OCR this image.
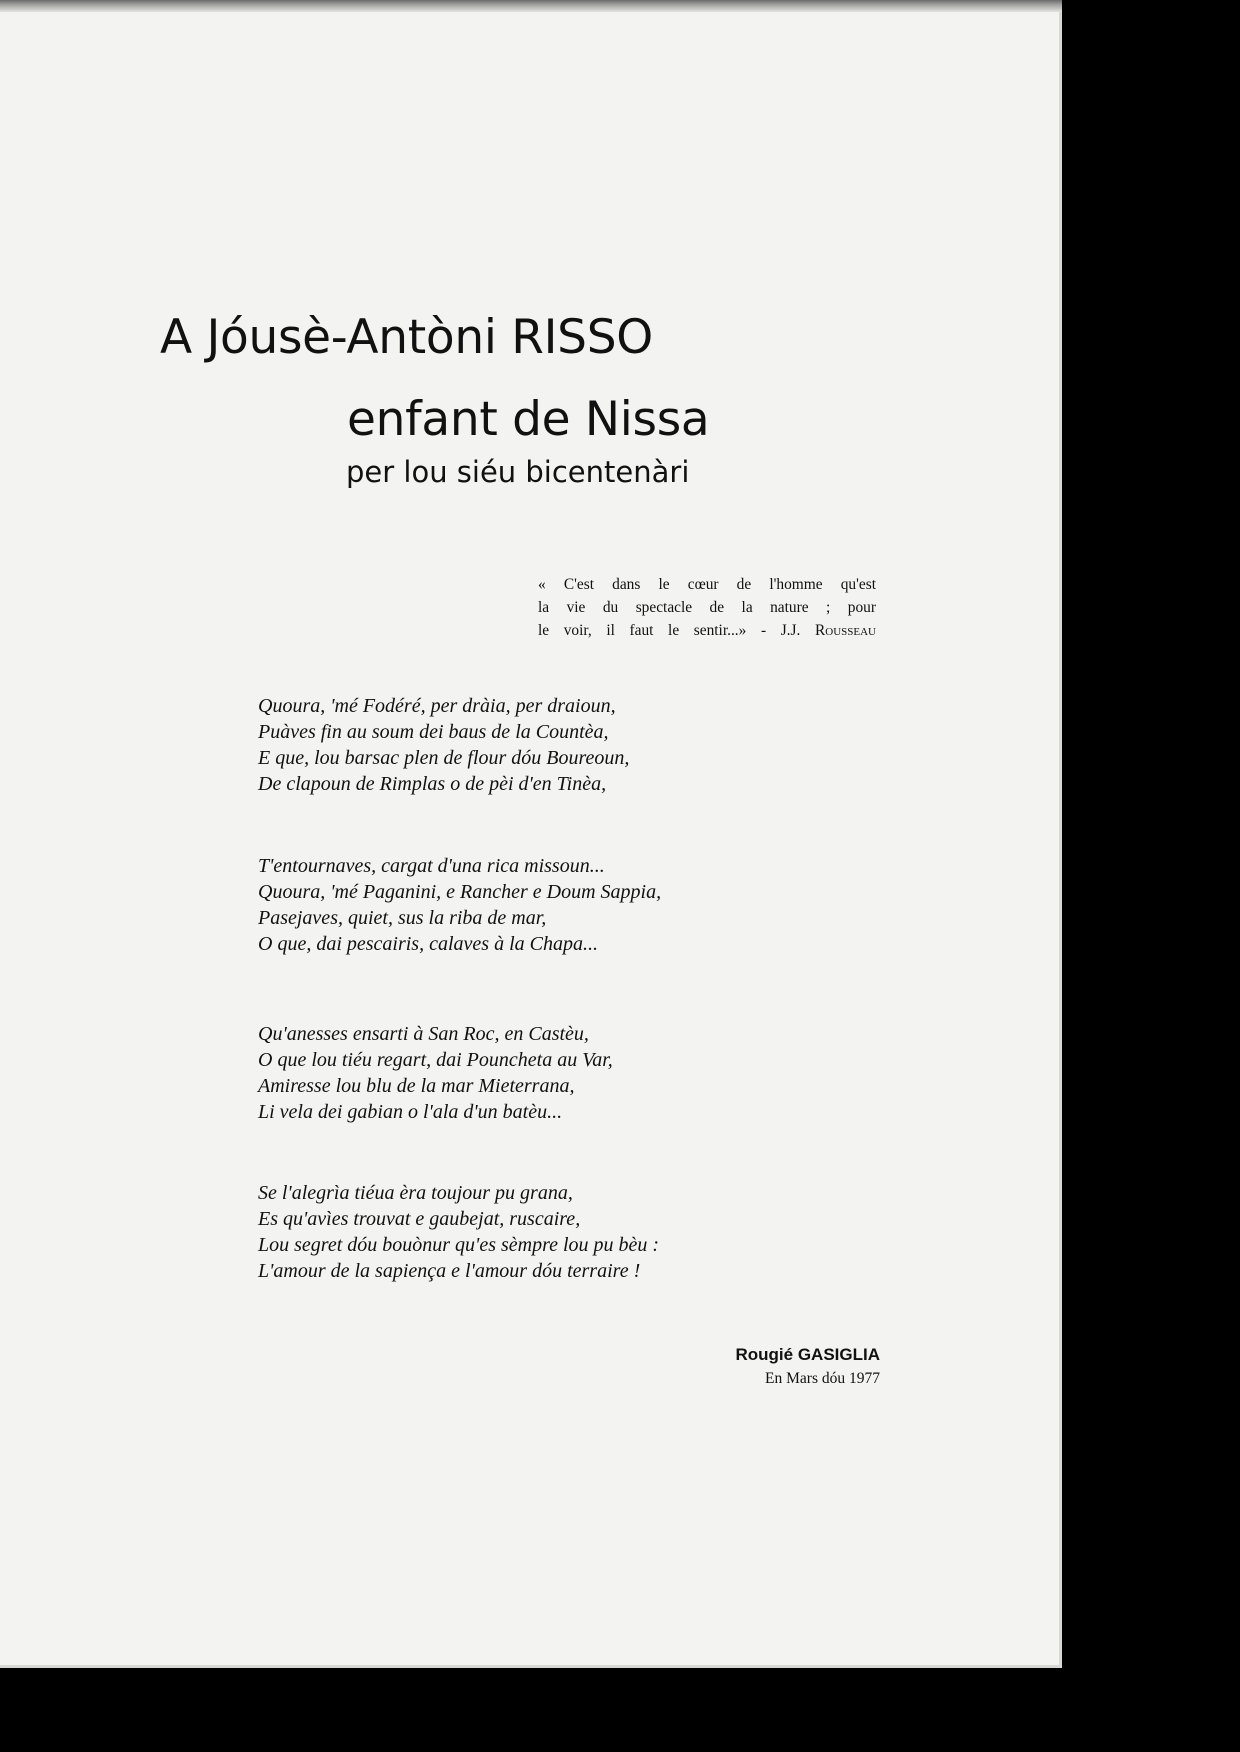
A Jóusè-Antòni RISSO
enfant de Nissa
per lou siéu bicentenàri
« C'est dans le cœur de l'homme qu'est
la vie du spectacle de la nature ; pour
le voir, il faut le sentir...» - J.J. Rousseau
Quoura, 'mé Fodéré, per dràia, per draioun,
Puàves fin au soum dei baus de la Countèa,
E que, lou barsac plen de flour dóu Boureoun,
De clapoun de Rimplas o de pèi d'en Tinèa,
T'entournaves, cargat d'una rica missoun...
Quoura, 'mé Paganini, e Rancher e Doum Sappia,
Pasejaves, quiet, sus la riba de mar,
O que, dai pescairis, calaves à la Chapa...
Qu'anesses ensarti à San Roc, en Castèu,
O que lou tiéu regart, dai Pouncheta au Var,
Amiresse lou blu de la mar Mieterrana,
Li vela dei gabian o l'ala d'un batèu...
Se l'alegrìa tiéua èra toujour pu grana,
Es qu'avìes trouvat e gaubejat, ruscaire,
Lou segret dóu bouònur qu'es sèmpre lou pu bèu :
L'amour de la sapiença e l'amour dóu terraire !
Rougié GASIGLIA
En Mars dóu 1977
